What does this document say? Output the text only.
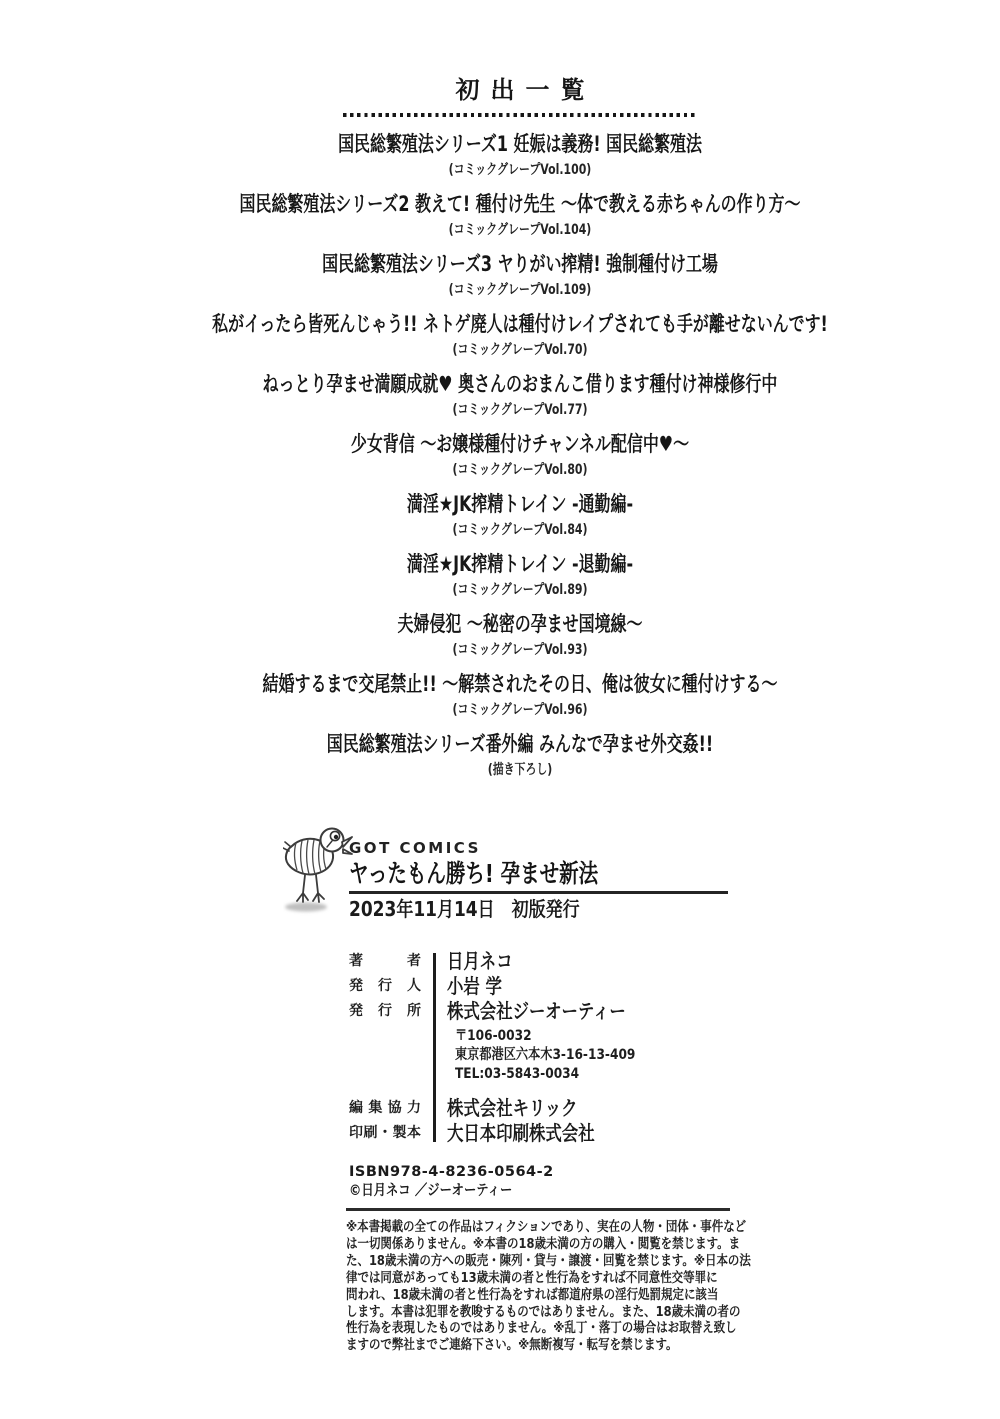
初出一覧
国民総繁殖法シリーズ1 妊娠は義務! 国民総繁殖法
(コミックグレープVol.100)
国民総繁殖法シリーズ2 教えて! 種付け先生 ～体で教える赤ちゃんの作り方～
(コミックグレープVol.104)
国民総繁殖法シリーズ3 ヤりがい搾精! 強制種付け工場
(コミックグレープVol.109)
私がイったら皆死んじゃう!! ネトゲ廃人は種付けレイプされても手が離せないんです!
(コミックグレープVol.70)
ねっとり孕ませ満願成就♥ 奥さんのおまんこ借ります種付け神様修行中
(コミックグレープVol.77)
少女背信 ～お嬢様種付けチャンネル配信中♥～
(コミックグレープVol.80)
満淫★JK搾精トレイン -通勤編-
(コミックグレープVol.84)
満淫★JK搾精トレイン -退勤編-
(コミックグレープVol.89)
夫婦侵犯 ～秘密の孕ませ国境線～
(コミックグレープVol.93)
結婚するまで交尾禁止!! ～解禁されたその日、俺は彼女に種付けする～
(コミックグレープVol.96)
国民総繁殖法シリーズ番外編 みんなで孕ませ外交姦!!
(描き下ろし)
GOT COMICS
ヤったもん勝ち! 孕ませ新法
2023年11月14日　初版発行
著	者	日月ネコ
発 行 人	小岩 学
発 行 所	株式会社ジーオーティー
〒106-0032
東京都港区六本木3-16-13-409
TEL:03-5843-0034
編 集 協 力	株式会社キリック
印 刷 ・ 製 本	大日本印刷株式会社
ISBN978-4-8236-0564-2
©日月ネコ ／ジーオーティー
※本書掲載の全ての作品はフィクションであり、実在の人物・団体・事件など
は一切関係ありません。※本書の18歳未満の方の購入・閲覧を禁じます。ま
た、18歳未満の方への販売・陳列・貸与・譲渡・回覧を禁じます。※日本の法
律では同意があっても13歳未満の者と性行為をすれば不同意性交等罪に
問われ、18歳未満の者と性行為をすれば都道府県の淫行処罰規定に該当
します。本書は犯罪を教唆するものではありません。また、18歳未満の者の
性行為を表現したものではありません。※乱丁・落丁の場合はお取替え致し
ますので弊社までご連絡下さい。※無断複写・転写を禁じます。
